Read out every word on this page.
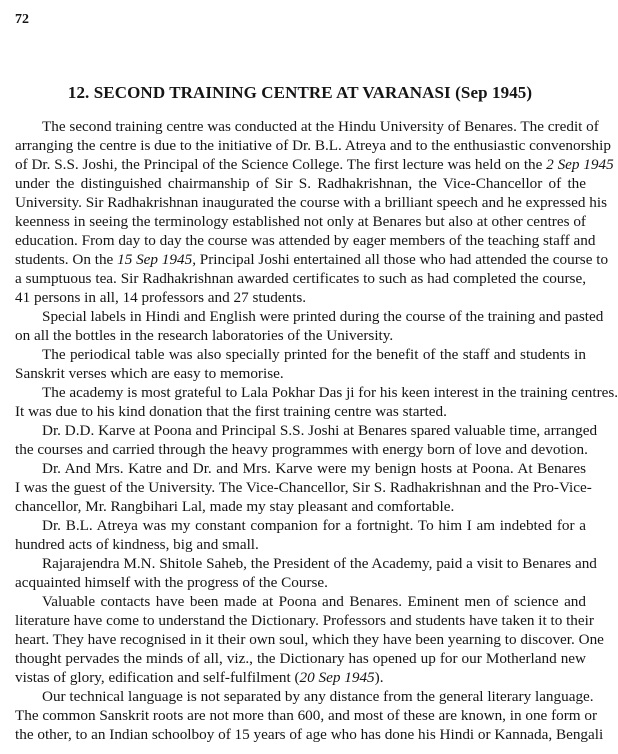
72
12. SECOND TRAINING CENTRE AT VARANASI (Sep 1945)
The second training centre was conducted at the Hindu University of Benares. The credit of
arranging the centre is due to the initiative of Dr. B.L. Atreya and to the enthusiastic convenorship
of Dr. S.S. Joshi, the Principal of the Science College. The first lecture was held on the 2 Sep 1945
under the distinguished chairmanship of Sir S. Radhakrishnan, the Vice-Chancellor of the
University. Sir Radhakrishnan inaugurated the course with a brilliant speech and he expressed his
keenness in seeing the terminology established not only at Benares but also at other centres of
education. From day to day the course was attended by eager members of the teaching staff and
students. On the 15 Sep 1945, Principal Joshi entertained all those who had attended the course to
a sumptuous tea. Sir Radhakrishnan awarded certificates to such as had completed the course,
41 persons in all, 14 professors and 27 students.
Special labels in Hindi and English were printed during the course of the training and pasted
on all the bottles in the research laboratories of the University.
The periodical table was also specially printed for the benefit of the staff and students in
Sanskrit verses which are easy to memorise.
The academy is most grateful to Lala Pokhar Das ji for his keen interest in the training centres.
It was due to his kind donation that the first training centre was started.
Dr. D.D. Karve at Poona and Principal S.S. Joshi at Benares spared valuable time, arranged
the courses and carried through the heavy programmes with energy born of love and devotion.
Dr. And Mrs. Katre and Dr. and Mrs. Karve were my benign hosts at Poona. At Benares
I was the guest of the University. The Vice-Chancellor, Sir S. Radhakrishnan and the Pro-Vice-
chancellor, Mr. Rangbihari Lal, made my stay pleasant and comfortable.
Dr. B.L. Atreya was my constant companion for a fortnight. To him I am indebted for a
hundred acts of kindness, big and small.
Rajarajendra M.N. Shitole Saheb, the President of the Academy, paid a visit to Benares and
acquainted himself with the progress of the Course.
Valuable contacts have been made at Poona and Benares. Eminent men of science and
literature have come to understand the Dictionary. Professors and students have taken it to their
heart. They have recognised in it their own soul, which they have been yearning to discover. One
thought pervades the minds of all, viz., the Dictionary has opened up for our Motherland new
vistas of glory, edification and self-fulfilment (20 Sep 1945).
Our technical language is not separated by any distance from the general literary language.
The common Sanskrit roots are not more than 600, and most of these are known, in one form or
the other, to an Indian schoolboy of 15 years of age who has done his Hindi or Kannada, Bengali
